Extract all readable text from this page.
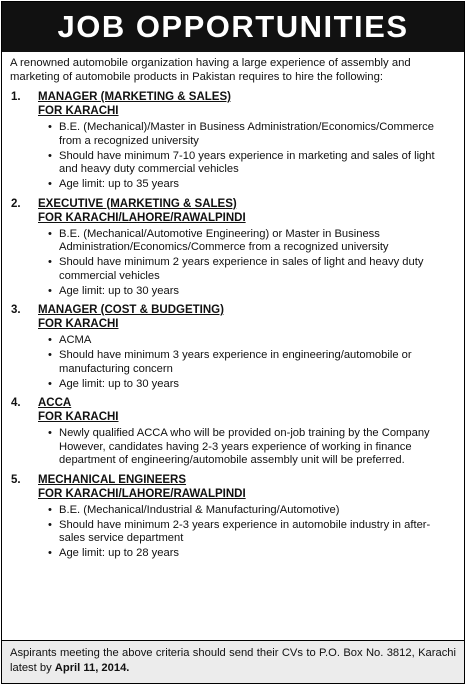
JOB OPPORTUNITIES

A renowned automobile organization having a large experience of assembly and marketing of automobile products in Pakistan requires to hire the following:

1. MANAGER (MARKETING & SALES)
FOR KARACHI
• B.E. (Mechanical)/Master in Business Administration/Economics/Commerce from a recognized university
• Should have minimum 7-10 years experience in marketing and sales of light and heavy duty commercial vehicles
• Age limit: up to 35 years
2. EXECUTIVE (MARKETING & SALES)
FOR KARACHI/LAHORE/RAWALPINDI
• B.E. (Mechanical/Automotive Engineering) or Master in Business Administration/Economics/Commerce from a recognized university
• Should have minimum 2 years experience in sales of light and heavy duty commercial vehicles
• Age limit: up to 30 years
3. MANAGER (COST & BUDGETING)
FOR KARACHI
• ACMA
• Should have minimum 3 years experience in engineering/automobile or manufacturing concern
• Age limit: up to 30 years
4. ACCA
FOR KARACHI
• Newly qualified ACCA who will be provided on-job training by the Company However, candidates having 2-3 years experience of working in finance department of engineering/automobile assembly unit will be preferred.
5. MECHANICAL ENGINEERS
FOR KARACHI/LAHORE/RAWALPINDI
• B.E. (Mechanical/Industrial & Manufacturing/Automotive)
• Should have minimum 2-3 years experience in automobile industry in after-sales service department
• Age limit: up to 28 years
Aspirants meeting the above criteria should send their CVs to P.O. Box No. 3812, Karachi latest by April 11, 2014.
